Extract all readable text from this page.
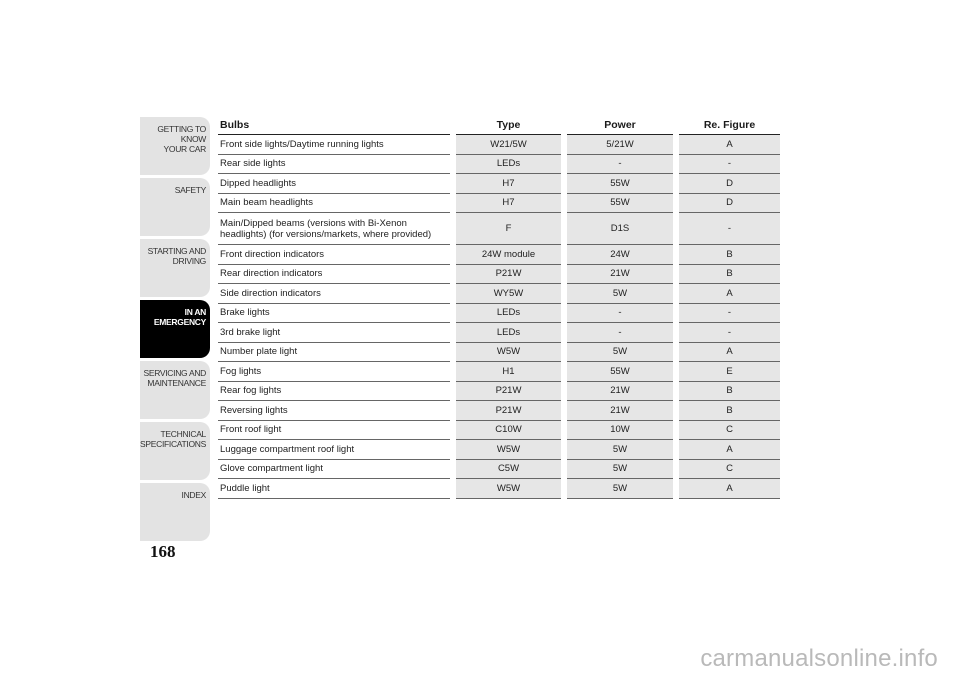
GETTING TO KNOW
YOUR CAR
SAFETY
STARTING AND
DRIVING
IN AN
EMERGENCY
SERVICING AND
MAINTENANCE
TECHNICAL
SPECIFICATIONS
INDEX
168
Bulbs		Type		Power		Re. Figure
Front side lights/Daytime running lights		W21/5W		5/21W		A
Rear side lights		LEDs		-		-
Dipped headlights		H7		55W		D
Main beam headlights		H7		55W		D
Main/Dipped beams (versions with Bi-Xenon headlights) (for versions/markets, where provided)		F		D1S		-
Front direction indicators		24W module		24W		B
Rear direction indicators		P21W		21W		B
Side direction indicators		WY5W		5W		A
Brake lights		LEDs		-		-
3rd brake light		LEDs		-		-
Number plate light		W5W		5W		A
Fog lights		H1		55W		E
Rear fog lights		P21W		21W		B
Reversing lights		P21W		21W		B
Front roof light		C10W		10W		C
Luggage compartment roof light		W5W		5W		A
Glove compartment light		C5W		5W		C
Puddle light		W5W		5W		A
carmanualsonline.info
